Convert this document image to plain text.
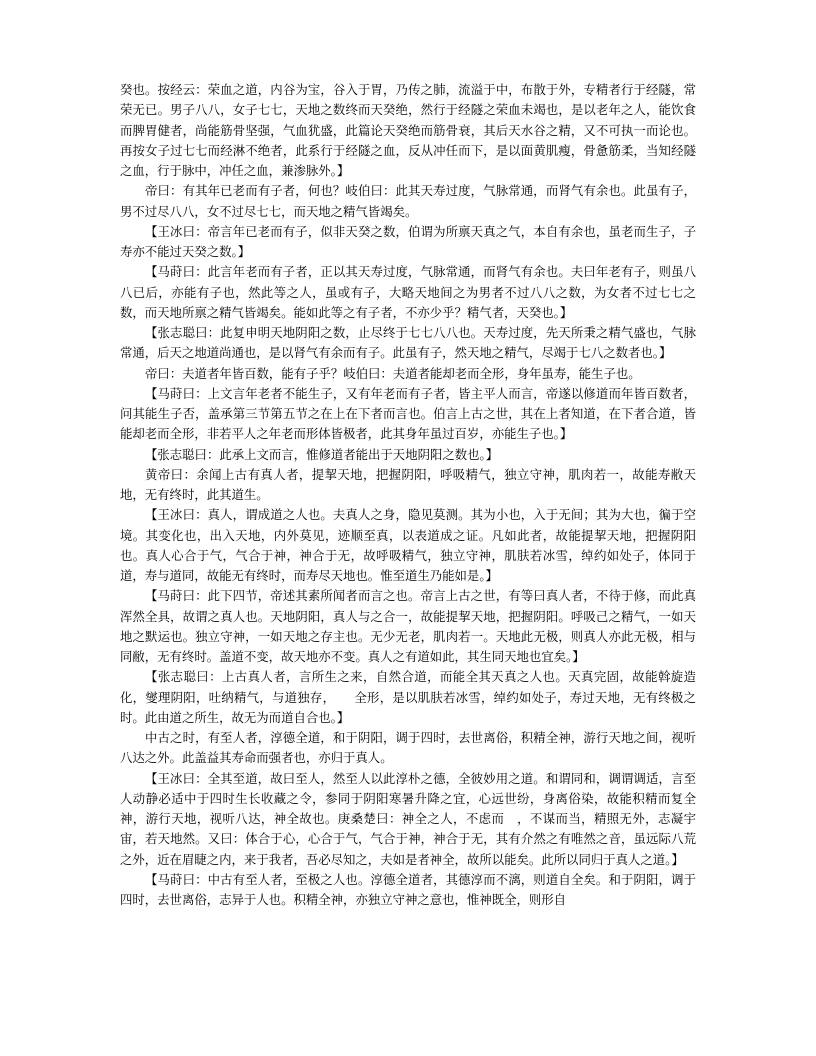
癸也。按经云：荣血之道，内谷为宝，谷入于胃，乃传之肺，流溢于中，布散于外，专精者行于经隧，常荣无已。男子八八，女子七七，天地之数终而天癸绝，然行于经隧之荣血未竭也，是以老年之人，能饮食而脾胃健者，尚能筋骨坚强，气血犹盛，此篇论天癸绝而筋骨衰，其后天水谷之精，又不可执一而论也。再按女子过七七而经淋不绝者，此系行于经隧之血，反从冲任而下，是以面黄肌瘦，骨惫筋柔，当知经隧之血，行于脉中，冲任之血，兼渗脉外。】

帝曰：有其年已老而有子者，何也？岐伯曰：此其天寿过度，气脉常通，而肾气有余也。此虽有子，男不过尽八八，女不过尽七七，而天地之精气皆竭矣。

【王冰曰：帝言年已老而有子，似非天癸之数，伯谓为所禀天真之气，本自有余也，虽老而生子，子寿亦不能过天癸之数。】

【马莳曰：此言年老而有子者，正以其天寿过度，气脉常通，而肾气有余也。夫曰年老有子，则虽八八已后，亦能有子也，然此等之人，虽或有子，大略天地间之为男者不过八八之数，为女者不过七七之数，而天地所禀之精气皆竭矣。能如此等之有子者，不亦少乎？精气者，天癸也。】

【张志聪曰：此复申明天地阴阳之数，止尽终于七七八八也。天寿过度，先天所秉之精气盛也，气脉常通，后天之地道尚通也，是以肾气有余而有子。此虽有子，然天地之精气，尽竭于七八之数者也。】

帝曰：夫道者年皆百数，能有子乎？岐伯曰：夫道者能却老而全形，身年虽寿，能生子也。

【马莳曰：上文言年老者不能生子，又有年老而有子者，皆主平人而言，帝遂以修道而年皆百数者，问其能生子否，盖承第三节第五节之在上在下者而言也。伯言上古之世，其在上者知道，在下者合道，皆能却老而全形，非若平人之年老而形体皆极者，此其身年虽过百岁，亦能生子也。】

【张志聪曰：此承上文而言，惟修道者能出于天地阴阳之数也。】

黄帝曰：余闻上古有真人者，提挈天地，把握阴阳，呼吸精气，独立守神，肌肉若一，故能寿敝天地，无有终时，此其道生。

【王冰曰：真人，谓成道之人也。夫真人之身，隐见莫测。其为小也，入于无间；其为大也，徧于空境。其变化也，出入天地，内外莫见，迹顺至真，以表道成之证。凡如此者，故能提挈天地，把握阴阳也。真人心合于气，气合于神，神合于无，故呼吸精气，独立守神，肌肤若冰雪，绰约如处子，体同于道，寿与道同，故能无有终时，而寿尽天地也。惟至道生乃能如是。】

【马莳曰：此下四节，帝述其素所闻者而言之也。帝言上古之世，有等曰真人者，不待于修，而此真浑然全具，故谓之真人也。天地阴阳，真人与之合一，故能提挈天地，把握阴阳。呼吸己之精气，一如天地之默运也。独立守神，一如天地之存主也。无少无老，肌肉若一。天地此无极，则真人亦此无极，相与同敝，无有终时。盖道不变，故天地亦不变。真人之有道如此，其生同天地也宜矣。】

【张志聪曰：上古真人者，言所生之来，自然合道，而能全其天真之人也。天真完固，故能斡旋造化，燮理阴阳，吐纳精气，与道独存，　　全形，是以肌肤若冰雪，绰约如处子，寿过天地，无有终极之时。此由道之所生，故无为而道自合也。】

中古之时，有至人者，淳德全道，和于阴阳，调于四时，去世离俗，积精全神，游行天地之间，视听八达之外。此盖益其寿命而强者也，亦归于真人。

【王冰曰：全其至道，故曰至人，然至人以此淳朴之德，全彼妙用之道。和谓同和，调谓调适，言至人动静必适中于四时生长收藏之令，参同于阴阳寒暑升降之宜，心远世纷，身离俗染，故能积精而复全神，游行天地，视听八达，神全故也。庚桑楚曰：神全之人，不虑而　，不谋而当，精照无外，志凝宇宙，若天地然。又曰：体合于心，心合于气，气合于神，神合于无，其有介然之有唯然之音，虽远际八荒之外，近在眉睫之内，来于我者，吾必尽知之，夫如是者神全，故所以能矣。此所以同归于真人之道。】

【马莳曰：中古有至人者，至极之人也。淳德全道者，其德淳而不漓，则道自全矣。和于阴阳，调于四时，去世离俗，志异于人也。积精全神，亦独立守神之意也，惟神既全，则形自
